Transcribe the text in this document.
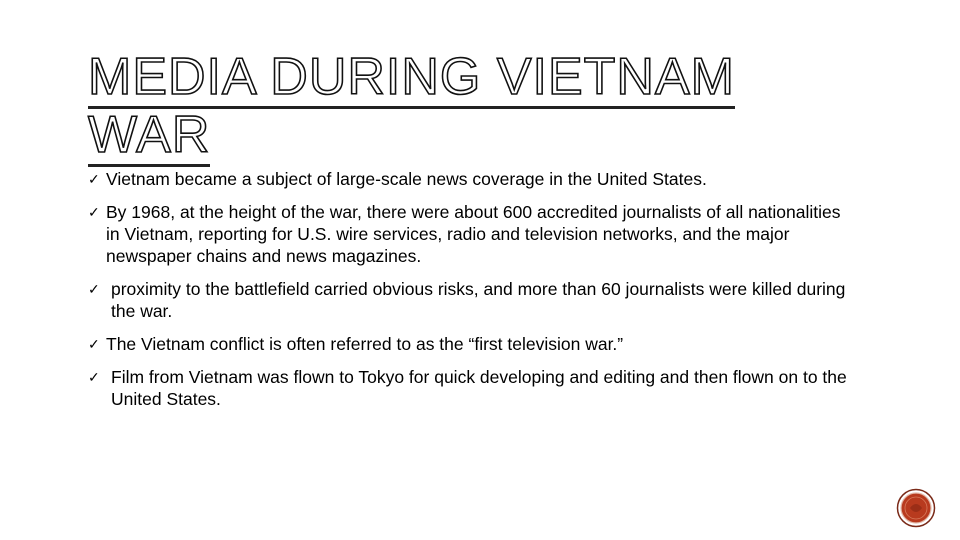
MEDIA DURING VIETNAM
WAR
✓ Vietnam became a subject of large-scale news coverage in the United States.
✓ By 1968, at the height of the war, there were about 600 accredited journalists of all nationalities in Vietnam, reporting for U.S. wire services, radio and television networks, and the major newspaper chains and news magazines.
✓ proximity to the battlefield carried obvious risks, and more than 60 journalists were killed during the war.
✓ The Vietnam conflict is often referred to as the “first television war.”
✓ Film from Vietnam was flown to Tokyo for quick developing and editing and then flown on to the United States.
